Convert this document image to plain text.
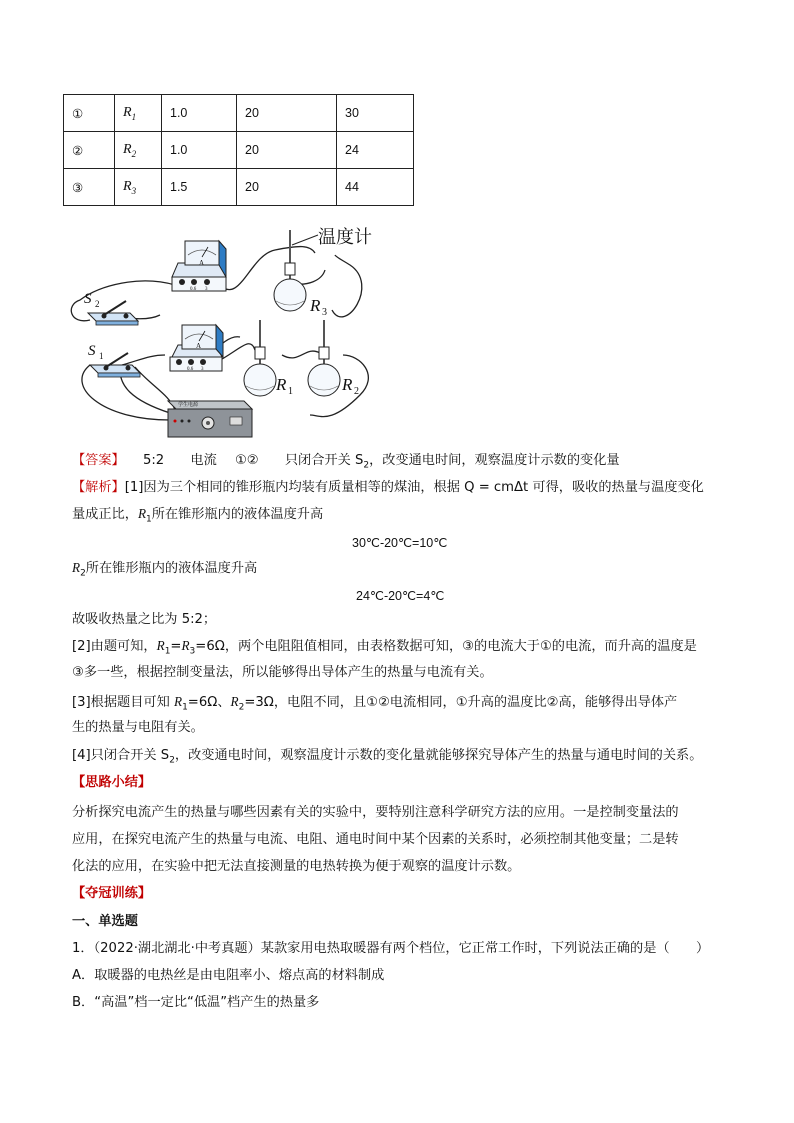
①	$R_1$	1.0	20	30
②	$R_2$	1.0	20	24
③	$R_3$	1.5	20	44
温度计
A
0.6 3
A
0.6 3
S 2
S 1
R 3
R 1	R 2
学生电源
【答案】 5:2 电流 ①② 只闭合开关 $S_2$，改变通电时间，观察温度计示数的变化量
【解析】[1]因为三个相同的锥形瓶内均装有质量相等的煤油，根据 Q = cmΔt 可得，吸收的热量与温度变化
量成正比，$R_1$所在锥形瓶内的液体温度升高
30℃-20℃=10℃
$R_2$所在锥形瓶内的液体温度升高
24℃-20℃=4℃
故吸收热量之比为 5:2；
[2]由题可知，$R_1=R_3=6\Omega$，两个电阻阻值相同，由表格数据可知，③的电流大于①的电流，而升高的温度是
③多一些，根据控制变量法，所以能够得出导体产生的热量与电流有关。
[3]根据题目可知 $R_1=6\Omega$、$R_2=3\Omega$，电阻不同，且①②电流相同，①升高的温度比②高，能够得出导体产
生的热量与电阻有关。
[4]只闭合开关 $S_2$，改变通电时间，观察温度计示数的变化量就能够探究导体产生的热量与通电时间的关系。
【思路小结】
分析探究电流产生的热量与哪些因素有关的实验中，要特别注意科学研究方法的应用。一是控制变量法的
应用，在探究电流产生的热量与电流、电阻、通电时间中某个因素的关系时，必须控制其他变量；二是转
化法的应用，在实验中把无法直接测量的电热转换为便于观察的温度计示数。
【夺冠训练】
一、单选题
1．（2022·湖北湖北·中考真题）某款家用电热取暖器有两个档位，它正常工作时，下列说法正确的是（　　）
A．取暖器的电热丝是由电阻率小、熔点高的材料制成
B．“高温”档一定比“低温”档产生的热量多
